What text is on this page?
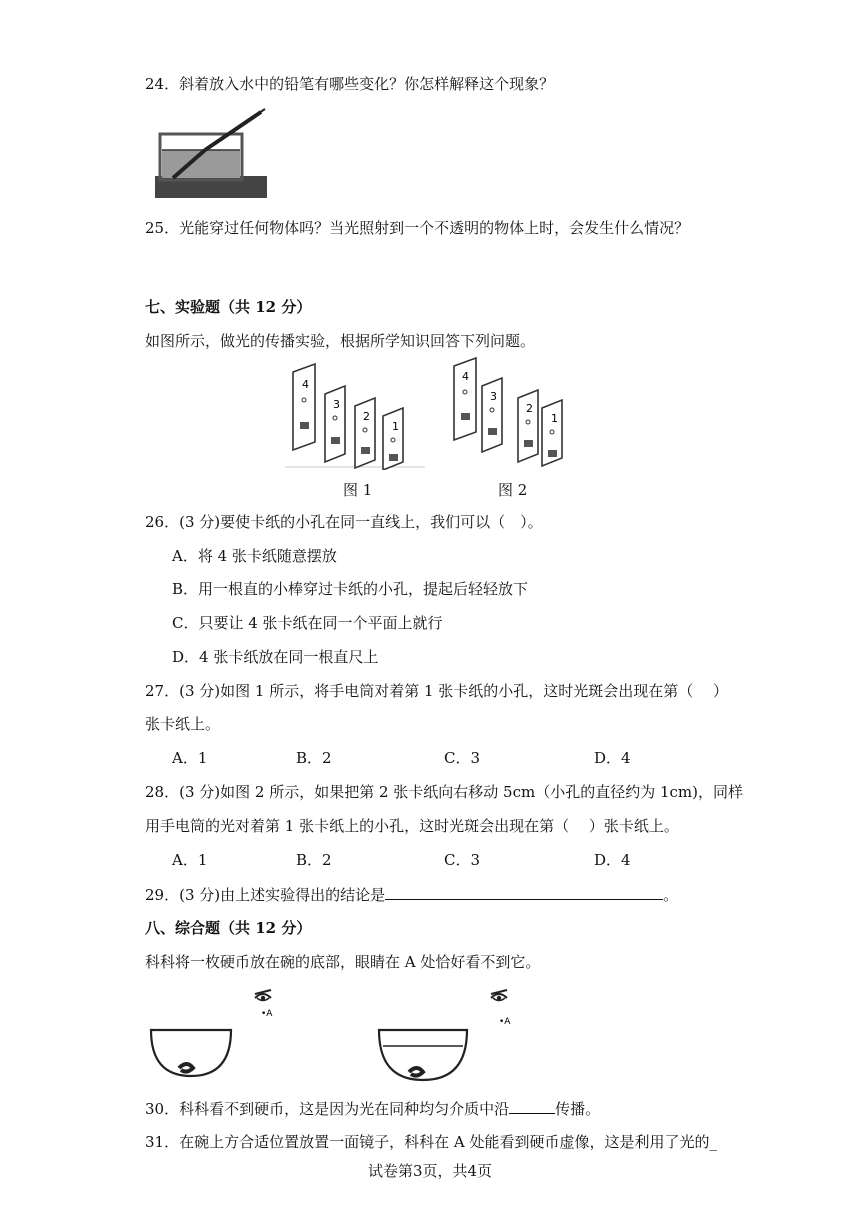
24．斜着放入水中的铅笔有哪些变化？你怎样解释这个现象？
25．光能穿过任何物体吗？当光照射到一个不透明的物体上时，会发生什么情况？
七、实验题（共 12 分）
如图所示，做光的传播实验，根据所学知识回答下列问题。
4
3
2
1
4
3
2
1
图 1	图 2
26．(3 分)要使卡纸的小孔在同一直线上，我们可以（　）。
A．将 4 张卡纸随意摆放
B．用一根直的小棒穿过卡纸的小孔，提起后轻轻放下
C．只要让 4 张卡纸在同一个平面上就行
D．4 张卡纸放在同一根直尺上
27．(3 分)如图 1 所示，将手电筒对着第 1 张卡纸的小孔，这时光斑会出现在第（　 ）
张卡纸上。
A．1	B．2	C．3	D．4
28．(3 分)如图 2 所示，如果把第 2 张卡纸向右移动 5cm（小孔的直径约为 1cm)，同样
用手电筒的光对着第 1 张卡纸上的小孔，这时光斑会出现在第（　 ）张卡纸上。
A．1	B．2	C．3	D．4
29．(3 分)由上述实验得出的结论是	。
八、综合题（共 12 分）
科科将一枚硬币放在碗的底部，眼睛在 A 处恰好看不到它。
•A
•A
30．科科看不到硬币，这是因为光在同种均匀介质中沿	传播。
31．在碗上方合适位置放置一面镜子，科科在 A 处能看到硬币虚像，这是利用了光的_
试卷第3页，共4页
